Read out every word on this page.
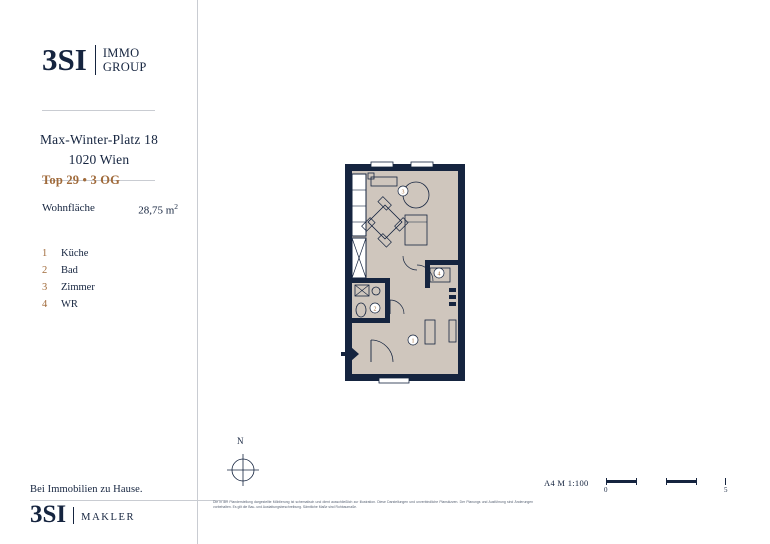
3SI IMMO
GROUP
Max-Winter-Platz 18
1020 Wien
Top 29 • 3 OG
Wohnfläche	28,75 $m^2$
1	Küche
2	Bad
3	Zimmer
4	WR
Bei Immobilien zu Hause.
3SI MAKLER
3
2
4
1
N
A4 M 1:100
0	5
Die in der Planderstellung dargestellte Möblierung ist schematisch und dient ausschließlich zur Illustration. Diese Darstellungen und unverbindliche Planskizzen. Der Planungs und Ausführung sind Änderungen vorbehalten. Es gilt die Bau- und Austattungsbeschreibung. Sämtliche Maße sind Rohbaumaße.
